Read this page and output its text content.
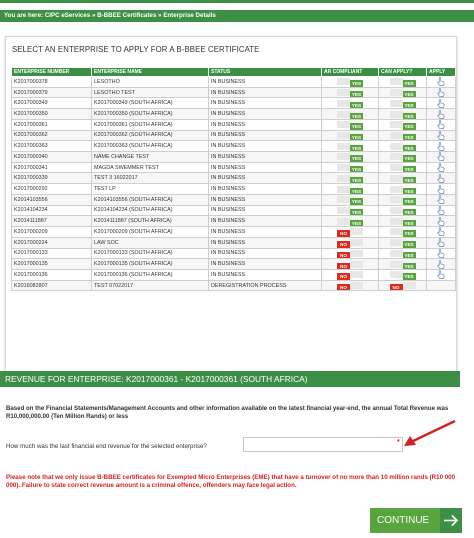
You are here: CIPC eServices » B-BBEE Certificates » Enterprise Details
SELECT AN ENTERPRISE TO APPLY FOR A B-BBEE CERTIFICATE
ENTERPRISE NUMBER	ENTERPRISE NAME	STATUS	AR COMPLIANT	CAN APPLY?	APPLY
K2017000378	LESOTHO	IN BUSINESS	YES	YES	
K2017000379	LESOTHO TEST	IN BUSINESS	YES	YES	
K2017000349	K2017000349 (SOUTH AFRICA)	IN BUSINESS	YES	YES	
K2017000350	K2017000350 (SOUTH AFRICA)	IN BUSINESS	YES	YES	
K2017000361	K2017000361 (SOUTH AFRICA)	IN BUSINESS	YES	YES	
K2017000362	K2017000362 (SOUTH AFRICA)	IN BUSINESS	YES	YES	
K2017000363	K2017000363 (SOUTH AFRICA)	IN BUSINESS	YES	YES	
K2017000340	NAME CHANGE TEST	IN BUSINESS	YES	YES	
K2017000341	MAGDA SWEMMER TEST	IN BUSINESS	YES	YES	
K2017000339	TEST 3 16022017	IN BUSINESS	YES	YES	
K2017000292	TEST LP	IN BUSINESS	YES	YES	
K2014103556	K2014103556 (SOUTH AFRICA)	IN BUSINESS	YES	YES	
K2014104234	K2014104234 (SOUTH AFRICA)	IN BUSINESS	YES	YES	
K2014111887	K2014111887 (SOUTH AFRICA)	IN BUSINESS	YES	YES	
K2017000209	K2017000209 (SOUTH AFRICA)	IN BUSINESS	NO	YES	
K2017000224	LAW SOC	IN BUSINESS	NO	YES	
K2017000133	K2017000133 (SOUTH AFRICA)	IN BUSINESS	NO	YES	
K2017000135	K2017000135 (SOUTH AFRICA)	IN BUSINESS	NO	YES	
K2017000136	K2017000136 (SOUTH AFRICA)	IN BUSINESS	NO	YES	
K2016082807	TEST 07022017	DEREGISTRATION PROCESS	NO	NO	
REVENUE FOR ENTERPRISE: K2017000361 - K2017000361 (SOUTH AFRICA)
Based on the Financial Statements/Management Accounts and other information available on the latest financial year-end, the annual Total Revenue was R10,000,000.00 (Ten Million Rands) or less
How much was the last financial end revenue for the selected enterprise?
*
Please note that we only issue B-BBEE certificates for Exempted Micro Enterprises (EME) that have a turnover of no more than 10 million rands (R10 000 000). Failure to state correct revenue amount is a criminal offence, offenders may face legal action.
CONTINUE
